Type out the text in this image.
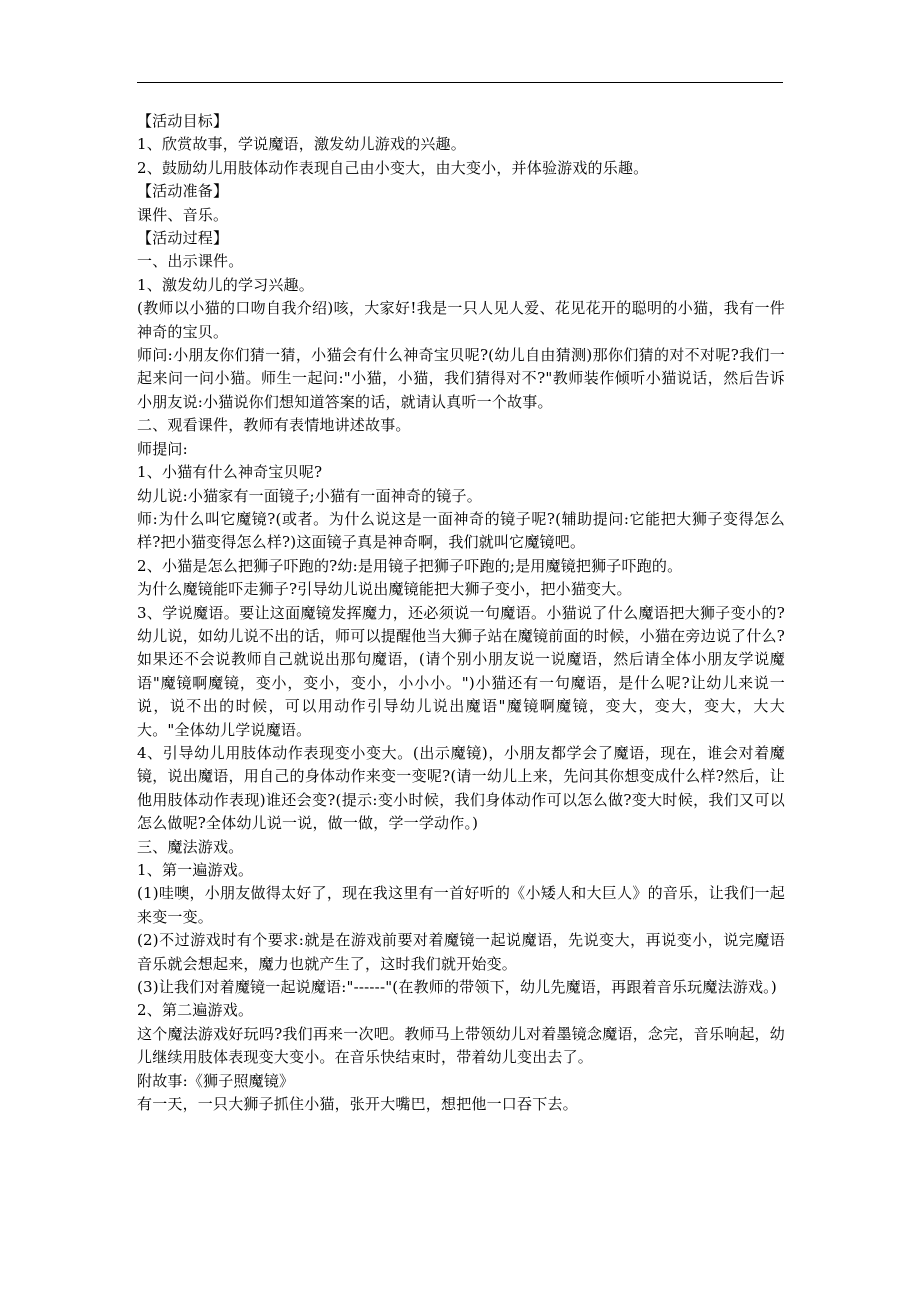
【活动目标】

1、欣赏故事，学说魔语，激发幼儿游戏的兴趣。

2、鼓励幼儿用肢体动作表现自己由小变大，由大变小，并体验游戏的乐趣。

【活动准备】

课件、音乐。

【活动过程】

一、出示课件。

1、激发幼儿的学习兴趣。

(教师以小猫的口吻自我介绍)咳，大家好!我是一只人见人爱、花见花开的聪明的小猫，我有一件神奇的宝贝。

师问:小朋友你们猜一猜，小猫会有什么神奇宝贝呢?(幼儿自由猜测)那你们猜的对不对呢?我们一起来问一问小猫。师生一起问:"小猫，小猫，我们猜得对不?"教师装作倾听小猫说话，然后告诉小朋友说:小猫说你们想知道答案的话，就请认真听一个故事。

二、观看课件，教师有表情地讲述故事。

师提问:

1、小猫有什么神奇宝贝呢?

幼儿说:小猫家有一面镜子;小猫有一面神奇的镜子。

师:为什么叫它魔镜?(或者。为什么说这是一面神奇的镜子呢?(辅助提问:它能把大狮子变得怎么样?把小猫变得怎么样?)这面镜子真是神奇啊，我们就叫它魔镜吧。

2、小猫是怎么把狮子吓跑的?幼:是用镜子把狮子吓跑的;是用魔镜把狮子吓跑的。

为什么魔镜能吓走狮子?引导幼儿说出魔镜能把大狮子变小，把小猫变大。

3、学说魔语。要让这面魔镜发挥魔力，还必须说一句魔语。小猫说了什么魔语把大狮子变小的?幼儿说，如幼儿说不出的话，师可以提醒他当大狮子站在魔镜前面的时候，小猫在旁边说了什么?如果还不会说教师自己就说出那句魔语，(请个别小朋友说一说魔语，然后请全体小朋友学说魔语"魔镜啊魔镜，变小，变小，变小，小小小。")小猫还有一句魔语，是什么呢?让幼儿来说一说，说不出的时候，可以用动作引导幼儿说出魔语"魔镜啊魔镜，变大，变大，变大，大大大。"全体幼儿学说魔语。

4、引导幼儿用肢体动作表现变小变大。(出示魔镜)，小朋友都学会了魔语，现在，谁会对着魔镜，说出魔语，用自己的身体动作来变一变呢?(请一幼儿上来，先问其你想变成什么样?然后，让他用肢体动作表现)谁还会变?(提示:变小时候，我们身体动作可以怎么做?变大时候，我们又可以怎么做呢?全体幼儿说一说，做一做，学一学动作。)

三、魔法游戏。

1、第一遍游戏。

(1)哇噢，小朋友做得太好了，现在我这里有一首好听的《小矮人和大巨人》的音乐，让我们一起来变一变。

(2)不过游戏时有个要求:就是在游戏前要对着魔镜一起说魔语，先说变大，再说变小，说完魔语音乐就会想起来，魔力也就产生了，这时我们就开始变。

(3)让我们对着魔镜一起说魔语:"------"(在教师的带领下，幼儿先魔语，再跟着音乐玩魔法游戏。)

2、第二遍游戏。

这个魔法游戏好玩吗?我们再来一次吧。教师马上带领幼儿对着墨镜念魔语，念完，音乐响起，幼儿继续用肢体表现变大变小。在音乐快结束时，带着幼儿变出去了。

附故事:《狮子照魔镜》

有一天，一只大狮子抓住小猫，张开大嘴巴，想把他一口吞下去。
